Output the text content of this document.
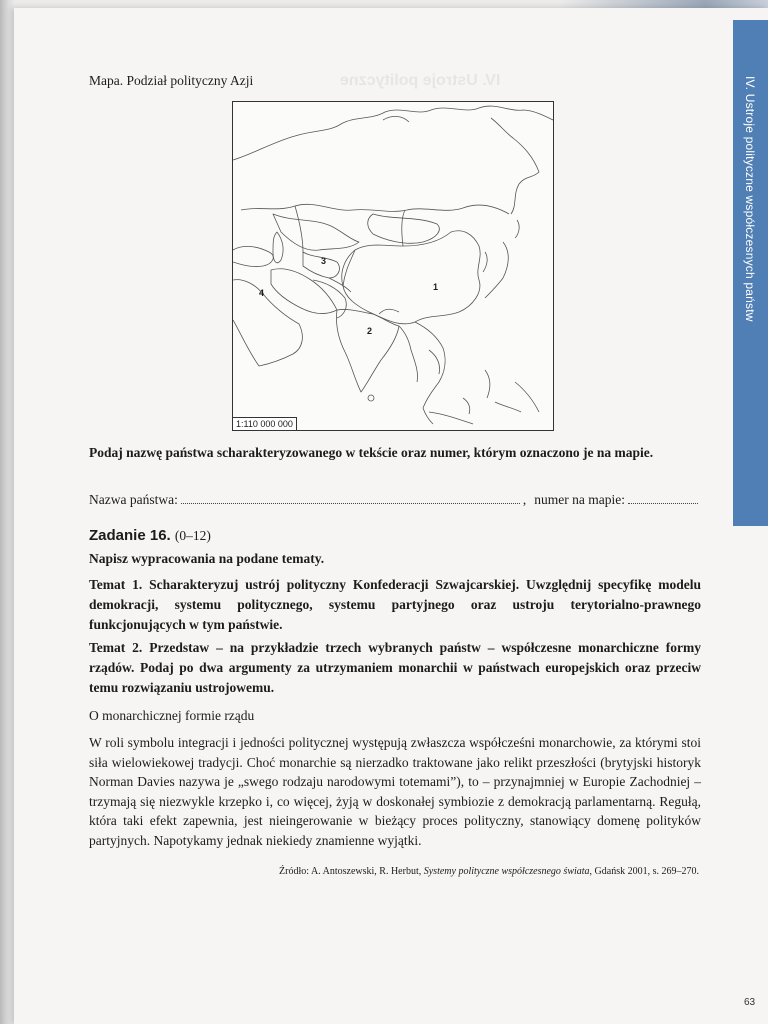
IV. Ustroje polityczne	IV. Ustroje polityczne współczesnych państw
Mapa. Podział polityczny Azji
3
1
4
2
1:110 000 000
Podaj nazwę państwa scharakteryzowanego w tekście oraz numer, którym oznaczono je na mapie.
Nazwa państwa:	, numer na mapie:
Zadanie 16. (0–12)
Napisz wypracowania na podane tematy.
Temat 1. Scharakteryzuj ustrój polityczny Konfederacji Szwajcarskiej. Uwzględnij specyfikę modelu demokracji, systemu politycznego, systemu partyjnego oraz ustroju terytorialno-prawnego funkcjonujących w tym państwie.
Temat 2. Przedstaw – na przykładzie trzech wybranych państw – współczesne monarchiczne formy rządów. Podaj po dwa argumenty za utrzymaniem monarchii w państwach europejskich oraz przeciw temu rozwiązaniu ustrojowemu.
O monarchicznej formie rządu
W roli symbolu integracji i jedności politycznej występują zwłaszcza współcześni monarchowie, za którymi stoi siła wielowiekowej tradycji. Choć monarchie są nierzadko traktowane jako relikt przeszłości (brytyjski historyk Norman Davies nazywa je „swego rodzaju narodowymi totemami”), to – przynajmniej w Europie Zachodniej – trzymają się niezwykle krzepko i, co więcej, żyją w doskonałej symbiozie z demokracją parlamentarną. Regułą, która taki efekt zapewnia, jest nieingerowanie w bieżący proces polityczny, stanowiący domenę polityków partyjnych. Napotykamy jednak niekiedy znamienne wyjątki.
Źródło: A. Antoszewski, R. Herbut, Systemy polityczne współczesnego świata, Gdańsk 2001, s. 269–270.
63
